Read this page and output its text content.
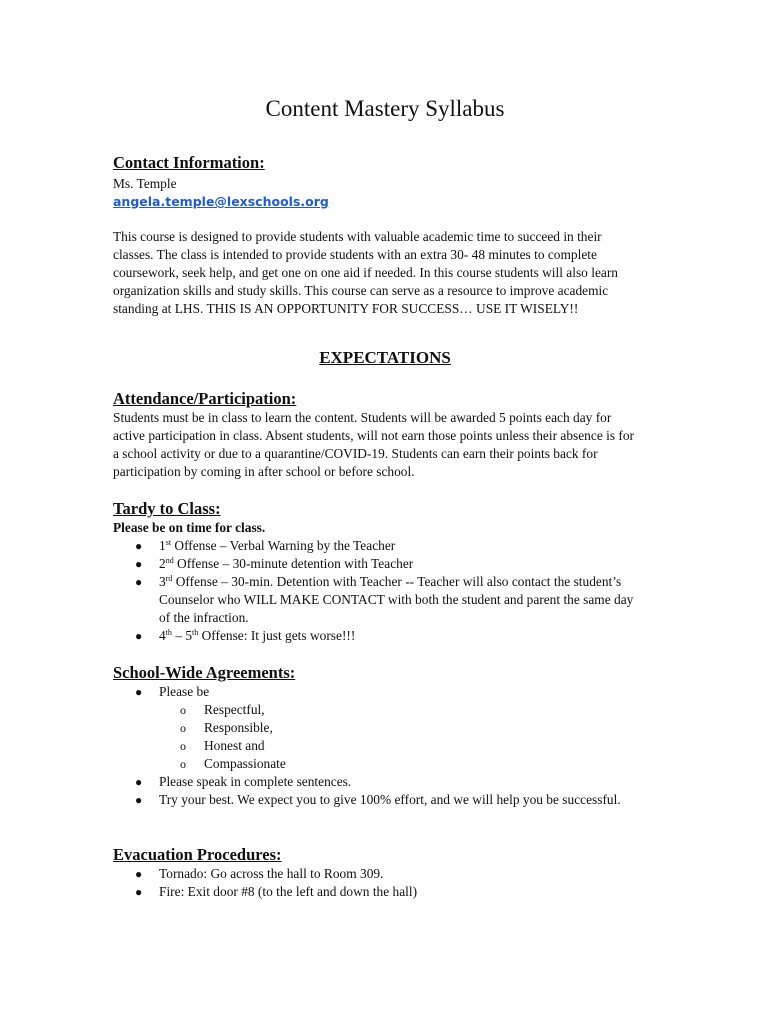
Content Mastery Syllabus
Contact Information:
Ms. Temple
angela.temple@lexschools.org

This course is designed to provide students with valuable academic time to succeed in their classes. The class is intended to provide students with an extra 30- 48 minutes to complete coursework, seek help, and get one on one aid if needed. In this course students will also learn organization skills and study skills. This course can serve as a resource to improve academic standing at LHS. THIS IS AN OPPORTUNITY FOR SUCCESS… USE IT WISELY!!

EXPECTATIONS
Attendance/Participation:

Students must be in class to learn the content. Students will be awarded 5 points each day for active participation in class. Absent students, will not earn those points unless their absence is for a school activity or due to a quarantine/COVID-19. Students can earn their points back for participation by coming in after school or before school.

Tardy to Class:
Please be on time for class.
● 1st Offense – Verbal Warning by the Teacher
● 2nd Offense – 30-minute detention with Teacher
● 3rd Offense – 30-min. Detention with Teacher -- Teacher will also contact the student’s Counselor who WILL MAKE CONTACT with both the student and parent the same day of the infraction.
● 4th – 5th Offense: It just gets worse!!!
School-Wide Agreements:
● Please be
o Respectful,
o Responsible,
o Honest and
o Compassionate
● Please speak in complete sentences.
● Try your best. We expect you to give 100% effort, and we will help you be successful.
Evacuation Procedures:
● Tornado: Go across the hall to Room 309.
● Fire: Exit door #8 (to the left and down the hall)
